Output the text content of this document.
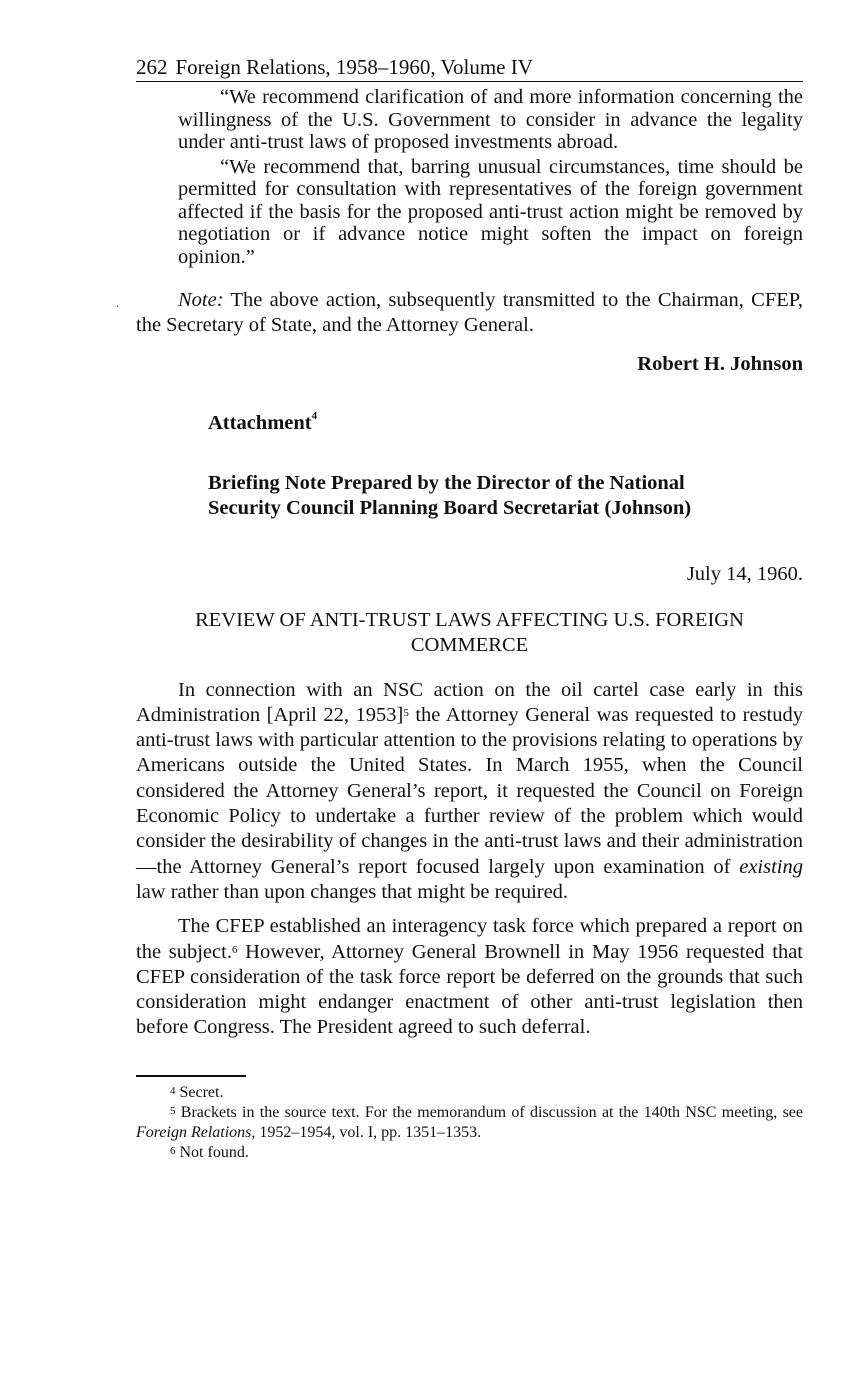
262 Foreign Relations, 1958–1960, Volume IV

“We recommend clarification of and more information concerning the willingness of the U.S. Government to consider in advance the legality under anti-trust laws of proposed investments abroad.

“We recommend that, barring unusual circumstances, time should be permitted for consultation with representatives of the foreign government affected if the basis for the proposed anti-trust action might be removed by negotiation or if advance notice might soften the impact on foreign opinion.”

.	Note: The above action, subsequently transmitted to the Chairman, CFEP, the Secretary of State, and the Attorney General.

Robert H. Johnson
Attachment$^4$
Briefing Note Prepared by the Director of the National
Security Council Planning Board Secretariat (Johnson)
July 14, 1960.
REVIEW OF ANTI-TRUST LAWS AFFECTING U.S. FOREIGN
COMMERCE

In connection with an NSC action on the oil cartel case early in this Administration [April 22, 1953]$^5$ the Attorney General was requested to restudy anti-trust laws with particular attention to the provisions relating to operations by Americans outside the United States. In March 1955, when the Council considered the Attorney General’s report, it requested the Council on Foreign Economic Policy to undertake a further review of the problem which would consider the desirability of changes in the anti-trust laws and their administration—the Attorney General’s report focused largely upon examination of existing law rather than upon changes that might be required.

The CFEP established an interagency task force which prepared a report on the subject.$^6$ However, Attorney General Brownell in May 1956 requested that CFEP consideration of the task force report be deferred on the grounds that such consideration might endanger enactment of other anti-trust legislation then before Congress. The President agreed to such deferral.

$^4$ Secret.

$^5$ Brackets in the source text. For the memorandum of discussion at the 140th NSC meeting, see Foreign Relations, 1952–1954, vol. I, pp. 1351–1353.

$^6$ Not found.
